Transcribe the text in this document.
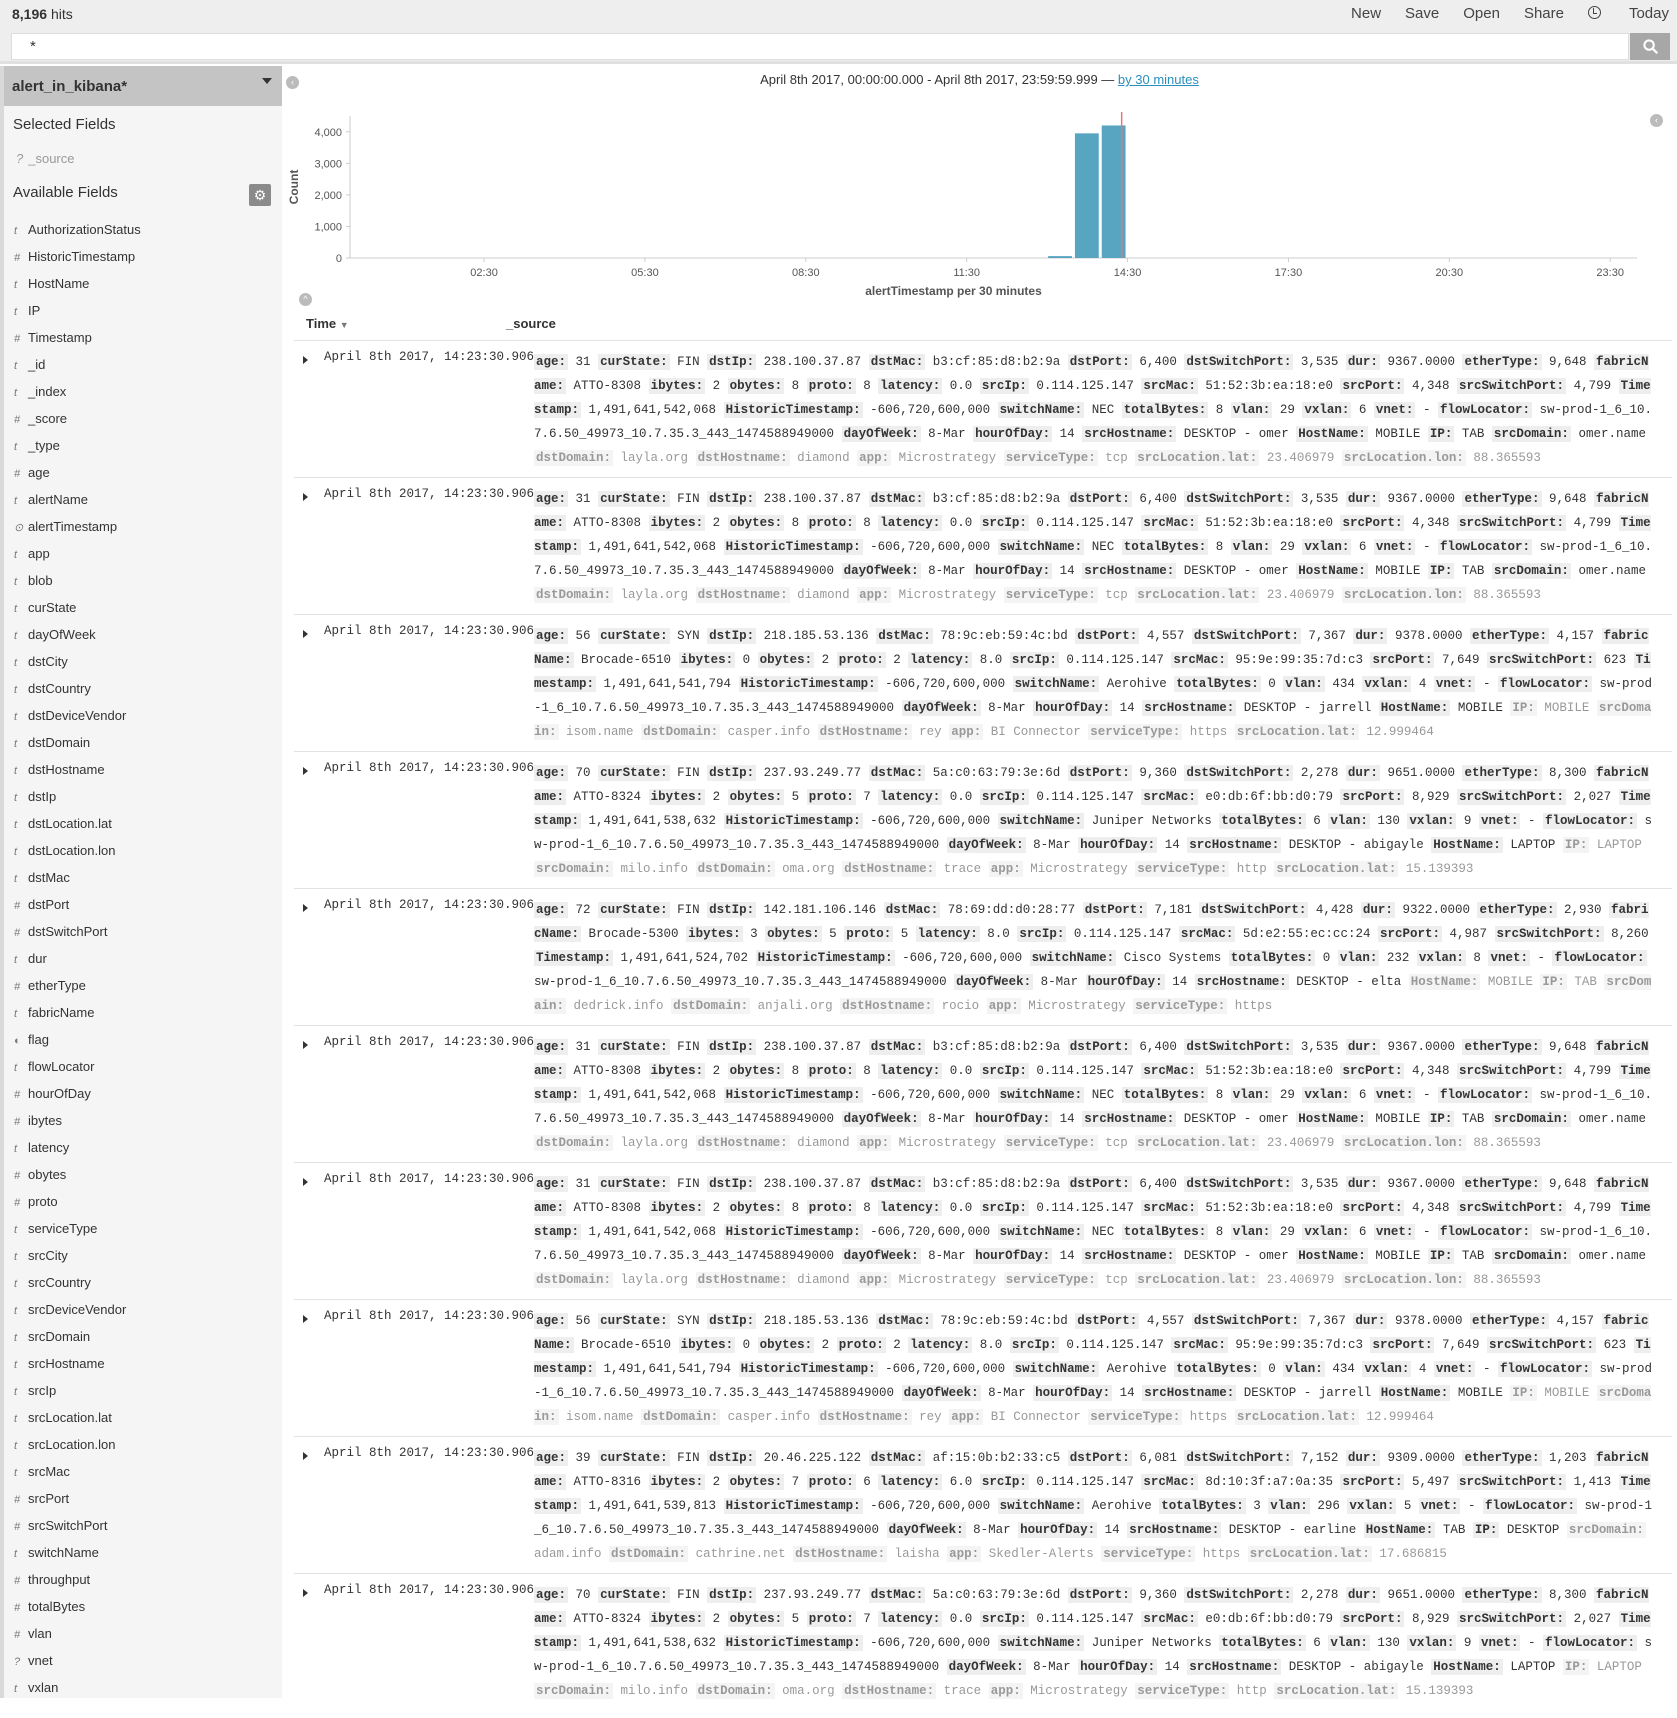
8,196 hits	New Save Open Share	Today
*
alert_in_kibana*
Selected Fields
? _source
Available Fields	⚙
t AuthorizationStatus
# HistoricTimestamp
t HostName
t IP
# Timestamp
t _id
t _index
# _score
t _type
# age
t alertName
⊙ alertTimestamp
t app
t blob
t curState
t dayOfWeek
t dstCity
t dstCountry
t dstDeviceVendor
t dstDomain
t dstHostname
t dstIp
t dstLocation.lat
t dstLocation.lon
t dstMac
# dstPort
# dstSwitchPort
t dur
# etherType
t fabricName
◐ flag
t flowLocator
# hourOfDay
# ibytes
t latency
# obytes
# proto
t serviceType
t srcCity
t srcCountry
t srcDeviceVendor
t srcDomain
t srcHostname
t srcIp
t srcLocation.lat
t srcLocation.lon
t srcMac
# srcPort
# srcSwitchPort
t switchName
# throughput
# totalBytes
# vlan
? vnet
t vxlan
‹	April 8th 2017, 00:00:00.000 - April 8th 2017, 23:59:59.999 — by 30 minutes
‹
0
1,000
2,000
3,000
4,000
02:30	05:30	08:30	11:30	14:30	17:30	20:30	23:30
Count
alertTimestamp per 30 minutes
^
Time ▼	_source
April 8th 2017, 14:23:30.906 age: 31 curState: FIN dstIp: 238.100.37.87 dstMac: b3:cf:85:d8:b2:9a dstPort: 6,400 dstSwitchPort: 3,535 dur: 9367.0000 etherType: 9,648 fabricName: ATTO-8308 ibytes: 2 obytes: 8 proto: 8 latency: 0.0 srcIp: 0.114.125.147 srcMac: 51:52:3b:ea:18:e0 srcPort: 4,348 srcSwitchPort: 4,799 Timestamp: 1,491,641,542,068 HistoricTimestamp: -606,720,600,000 switchName: NEC totalBytes: 8 vlan: 29 vxlan: 6 vnet: - flowLocator: sw-prod-1_6_10.7.6.50_49973_10.7.35.3_443_1474588949000 dayOfWeek: 8-Mar hourOfDay: 14 srcHostname: DESKTOP - omer HostName: MOBILE IP: TAB srcDomain: omer.name dstDomain: layla.org dstHostname: diamond app: Microstrategy serviceType: tcp srcLocation.lat: 23.406979 srcLocation.lon: 88.365593
April 8th 2017, 14:23:30.906 age: 31 curState: FIN dstIp: 238.100.37.87 dstMac: b3:cf:85:d8:b2:9a dstPort: 6,400 dstSwitchPort: 3,535 dur: 9367.0000 etherType: 9,648 fabricName: ATTO-8308 ibytes: 2 obytes: 8 proto: 8 latency: 0.0 srcIp: 0.114.125.147 srcMac: 51:52:3b:ea:18:e0 srcPort: 4,348 srcSwitchPort: 4,799 Timestamp: 1,491,641,542,068 HistoricTimestamp: -606,720,600,000 switchName: NEC totalBytes: 8 vlan: 29 vxlan: 6 vnet: - flowLocator: sw-prod-1_6_10.7.6.50_49973_10.7.35.3_443_1474588949000 dayOfWeek: 8-Mar hourOfDay: 14 srcHostname: DESKTOP - omer HostName: MOBILE IP: TAB srcDomain: omer.name dstDomain: layla.org dstHostname: diamond app: Microstrategy serviceType: tcp srcLocation.lat: 23.406979 srcLocation.lon: 88.365593
April 8th 2017, 14:23:30.906 age: 56 curState: SYN dstIp: 218.185.53.136 dstMac: 78:9c:eb:59:4c:bd dstPort: 4,557 dstSwitchPort: 7,367 dur: 9378.0000 etherType: 4,157 fabricName: Brocade-6510 ibytes: 0 obytes: 2 proto: 2 latency: 8.0 srcIp: 0.114.125.147 srcMac: 95:9e:99:35:7d:c3 srcPort: 7,649 srcSwitchPort: 623 Timestamp: 1,491,641,541,794 HistoricTimestamp: -606,720,600,000 switchName: Aerohive totalBytes: 0 vlan: 434 vxlan: 4 vnet: - flowLocator: sw-prod-1_6_10.7.6.50_49973_10.7.35.3_443_1474588949000 dayOfWeek: 8-Mar hourOfDay: 14 srcHostname: DESKTOP - jarrell HostName: MOBILE IP: MOBILE srcDomain: isom.name dstDomain: casper.info dstHostname: rey app: BI Connector serviceType: https srcLocation.lat: 12.999464
April 8th 2017, 14:23:30.906 age: 70 curState: FIN dstIp: 237.93.249.77 dstMac: 5a:c0:63:79:3e:6d dstPort: 9,360 dstSwitchPort: 2,278 dur: 9651.0000 etherType: 8,300 fabricName: ATTO-8324 ibytes: 2 obytes: 5 proto: 7 latency: 0.0 srcIp: 0.114.125.147 srcMac: e0:db:6f:bb:d0:79 srcPort: 8,929 srcSwitchPort: 2,027 Timestamp: 1,491,641,538,632 HistoricTimestamp: -606,720,600,000 switchName: Juniper Networks totalBytes: 6 vlan: 130 vxlan: 9 vnet: - flowLocator: sw-prod-1_6_10.7.6.50_49973_10.7.35.3_443_1474588949000 dayOfWeek: 8-Mar hourOfDay: 14 srcHostname: DESKTOP - abigayle HostName: LAPTOP IP: LAPTOP srcDomain: milo.info dstDomain: oma.org dstHostname: trace app: Microstrategy serviceType: http srcLocation.lat: 15.139393
April 8th 2017, 14:23:30.906 age: 72 curState: FIN dstIp: 142.181.106.146 dstMac: 78:69:dd:d0:28:77 dstPort: 7,181 dstSwitchPort: 4,428 dur: 9322.0000 etherType: 2,930 fabricName: Brocade-5300 ibytes: 3 obytes: 5 proto: 5 latency: 8.0 srcIp: 0.114.125.147 srcMac: 5d:e2:55:ec:cc:24 srcPort: 4,987 srcSwitchPort: 8,260 Timestamp: 1,491,641,524,702 HistoricTimestamp: -606,720,600,000 switchName: Cisco Systems totalBytes: 0 vlan: 232 vxlan: 8 vnet: - flowLocator: sw-prod-1_6_10.7.6.50_49973_10.7.35.3_443_1474588949000 dayOfWeek: 8-Mar hourOfDay: 14 srcHostname: DESKTOP - elta HostName: MOBILE IP: TAB srcDomain: dedrick.info dstDomain: anjali.org dstHostname: rocio app: Microstrategy serviceType: https
April 8th 2017, 14:23:30.906 age: 31 curState: FIN dstIp: 238.100.37.87 dstMac: b3:cf:85:d8:b2:9a dstPort: 6,400 dstSwitchPort: 3,535 dur: 9367.0000 etherType: 9,648 fabricName: ATTO-8308 ibytes: 2 obytes: 8 proto: 8 latency: 0.0 srcIp: 0.114.125.147 srcMac: 51:52:3b:ea:18:e0 srcPort: 4,348 srcSwitchPort: 4,799 Timestamp: 1,491,641,542,068 HistoricTimestamp: -606,720,600,000 switchName: NEC totalBytes: 8 vlan: 29 vxlan: 6 vnet: - flowLocator: sw-prod-1_6_10.7.6.50_49973_10.7.35.3_443_1474588949000 dayOfWeek: 8-Mar hourOfDay: 14 srcHostname: DESKTOP - omer HostName: MOBILE IP: TAB srcDomain: omer.name dstDomain: layla.org dstHostname: diamond app: Microstrategy serviceType: tcp srcLocation.lat: 23.406979 srcLocation.lon: 88.365593
April 8th 2017, 14:23:30.906 age: 31 curState: FIN dstIp: 238.100.37.87 dstMac: b3:cf:85:d8:b2:9a dstPort: 6,400 dstSwitchPort: 3,535 dur: 9367.0000 etherType: 9,648 fabricName: ATTO-8308 ibytes: 2 obytes: 8 proto: 8 latency: 0.0 srcIp: 0.114.125.147 srcMac: 51:52:3b:ea:18:e0 srcPort: 4,348 srcSwitchPort: 4,799 Timestamp: 1,491,641,542,068 HistoricTimestamp: -606,720,600,000 switchName: NEC totalBytes: 8 vlan: 29 vxlan: 6 vnet: - flowLocator: sw-prod-1_6_10.7.6.50_49973_10.7.35.3_443_1474588949000 dayOfWeek: 8-Mar hourOfDay: 14 srcHostname: DESKTOP - omer HostName: MOBILE IP: TAB srcDomain: omer.name dstDomain: layla.org dstHostname: diamond app: Microstrategy serviceType: tcp srcLocation.lat: 23.406979 srcLocation.lon: 88.365593
April 8th 2017, 14:23:30.906 age: 56 curState: SYN dstIp: 218.185.53.136 dstMac: 78:9c:eb:59:4c:bd dstPort: 4,557 dstSwitchPort: 7,367 dur: 9378.0000 etherType: 4,157 fabricName: Brocade-6510 ibytes: 0 obytes: 2 proto: 2 latency: 8.0 srcIp: 0.114.125.147 srcMac: 95:9e:99:35:7d:c3 srcPort: 7,649 srcSwitchPort: 623 Timestamp: 1,491,641,541,794 HistoricTimestamp: -606,720,600,000 switchName: Aerohive totalBytes: 0 vlan: 434 vxlan: 4 vnet: - flowLocator: sw-prod-1_6_10.7.6.50_49973_10.7.35.3_443_1474588949000 dayOfWeek: 8-Mar hourOfDay: 14 srcHostname: DESKTOP - jarrell HostName: MOBILE IP: MOBILE srcDomain: isom.name dstDomain: casper.info dstHostname: rey app: BI Connector serviceType: https srcLocation.lat: 12.999464
April 8th 2017, 14:23:30.906 age: 39 curState: FIN dstIp: 20.46.225.122 dstMac: af:15:0b:b2:33:c5 dstPort: 6,081 dstSwitchPort: 7,152 dur: 9309.0000 etherType: 1,203 fabricName: ATTO-8316 ibytes: 2 obytes: 7 proto: 6 latency: 6.0 srcIp: 0.114.125.147 srcMac: 8d:10:3f:a7:0a:35 srcPort: 5,497 srcSwitchPort: 1,413 Timestamp: 1,491,641,539,813 HistoricTimestamp: -606,720,600,000 switchName: Aerohive totalBytes: 3 vlan: 296 vxlan: 5 vnet: - flowLocator: sw-prod-1_6_10.7.6.50_49973_10.7.35.3_443_1474588949000 dayOfWeek: 8-Mar hourOfDay: 14 srcHostname: DESKTOP - earline HostName: TAB IP: DESKTOP srcDomain: adam.info dstDomain: cathrine.net dstHostname: laisha app: Skedler-Alerts serviceType: https srcLocation.lat: 17.686815
April 8th 2017, 14:23:30.906 age: 70 curState: FIN dstIp: 237.93.249.77 dstMac: 5a:c0:63:79:3e:6d dstPort: 9,360 dstSwitchPort: 2,278 dur: 9651.0000 etherType: 8,300 fabricName: ATTO-8324 ibytes: 2 obytes: 5 proto: 7 latency: 0.0 srcIp: 0.114.125.147 srcMac: e0:db:6f:bb:d0:79 srcPort: 8,929 srcSwitchPort: 2,027 Timestamp: 1,491,641,538,632 HistoricTimestamp: -606,720,600,000 switchName: Juniper Networks totalBytes: 6 vlan: 130 vxlan: 9 vnet: - flowLocator: sw-prod-1_6_10.7.6.50_49973_10.7.35.3_443_1474588949000 dayOfWeek: 8-Mar hourOfDay: 14 srcHostname: DESKTOP - abigayle HostName: LAPTOP IP: LAPTOP srcDomain: milo.info dstDomain: oma.org dstHostname: trace app: Microstrategy serviceType: http srcLocation.lat: 15.139393
